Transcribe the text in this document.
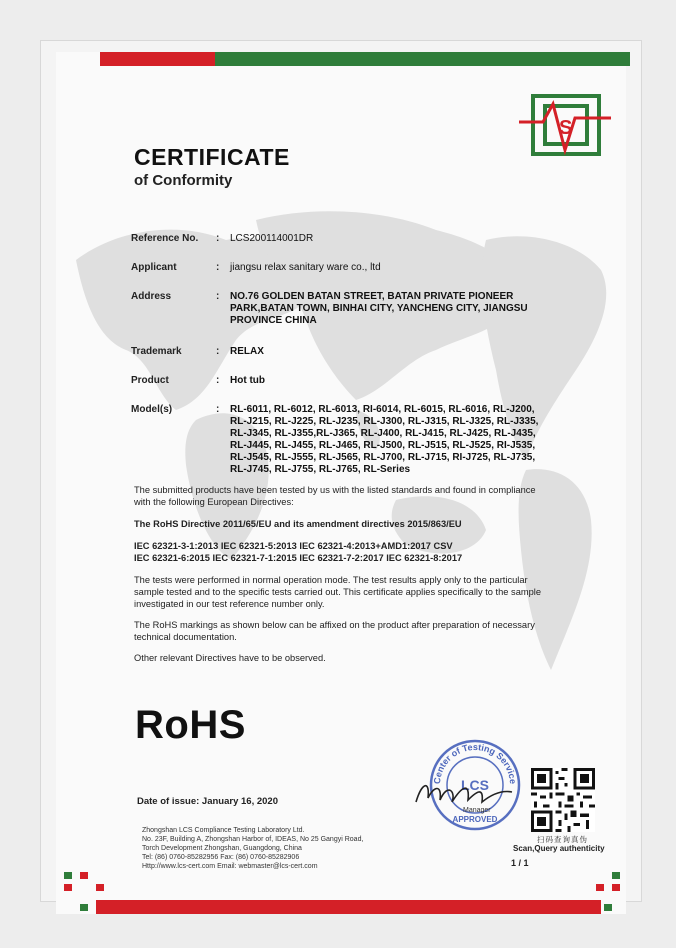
S
CERTIFICATE
of Conformity
Reference No. : LCS200114001DR
Applicant	: jiangsu relax sanitary ware co., ltd
Address	: NO.76 GOLDEN BATAN STREET, BATAN PRIVATE PIONEER PARK,BATAN TOWN, BINHAI CITY, YANCHENG CITY, JIANGSU PROVINCE CHINA
Trademark	: RELAX
Product	: Hot tub
Model(s)	: RL-6011, RL-6012, RL-6013, RI-6014, RL-6015, RL-6016, RL-J200, RL-J215, RL-J225, RL-J235, RL-J300, RL-J315, RL-J325, RL-J335, RL-J345, RL-J355,RL-J365, RL-J400, RL-J415, RL-J425, RL-J435, RL-J445, RL-J455, RL-J465, RL-J500, RL-J515, RL-J525, RI-J535, RL-J545, RL-J555, RL-J565, RL-J700, RL-J715, RI-J725, RL-J735, RL-J745, RL-J755, RL-J765, RL-Series
The submitted products have been tested by us with the listed standards and found in compliance with the following European Directives:
The RoHS Directive 2011/65/EU and its amendment directives 2015/863/EU
IEC 62321-3-1:2013 IEC 62321-5:2013 IEC 62321-4:2013+AMD1:2017 CSV
IEC 62321-6:2015 IEC 62321-7-1:2015 IEC 62321-7-2:2017 IEC 62321-8:2017
The tests were performed in normal operation mode. The test results apply only to the particular sample tested and to the specific tests carried out. This certificate applies specifically to the sample investigated in our test reference number only.
The RoHS markings as shown below can be affixed on the product after preparation of necessary technical documentation.
Other relevant Directives have to be observed.
RoHS
Date of issue: January 16, 2020
Zhongshan LCS Compliance Testing Laboratory Ltd.
No. 23F, Building A, Zhongshan Harbor of, IDEAS, No 25 Gangyi Road,
Torch Development Zhongshan, Guangdong, China
Tel: (86) 0760-85282956 Fax: (86) 0760-85282906
Http://www.lcs-cert.com Email: webmaster@lcs-cert.com
Center of Testing Service
LCS
APPROVED
Manager
扫码查询真伪
Scan,Query authenticity
1 / 1
